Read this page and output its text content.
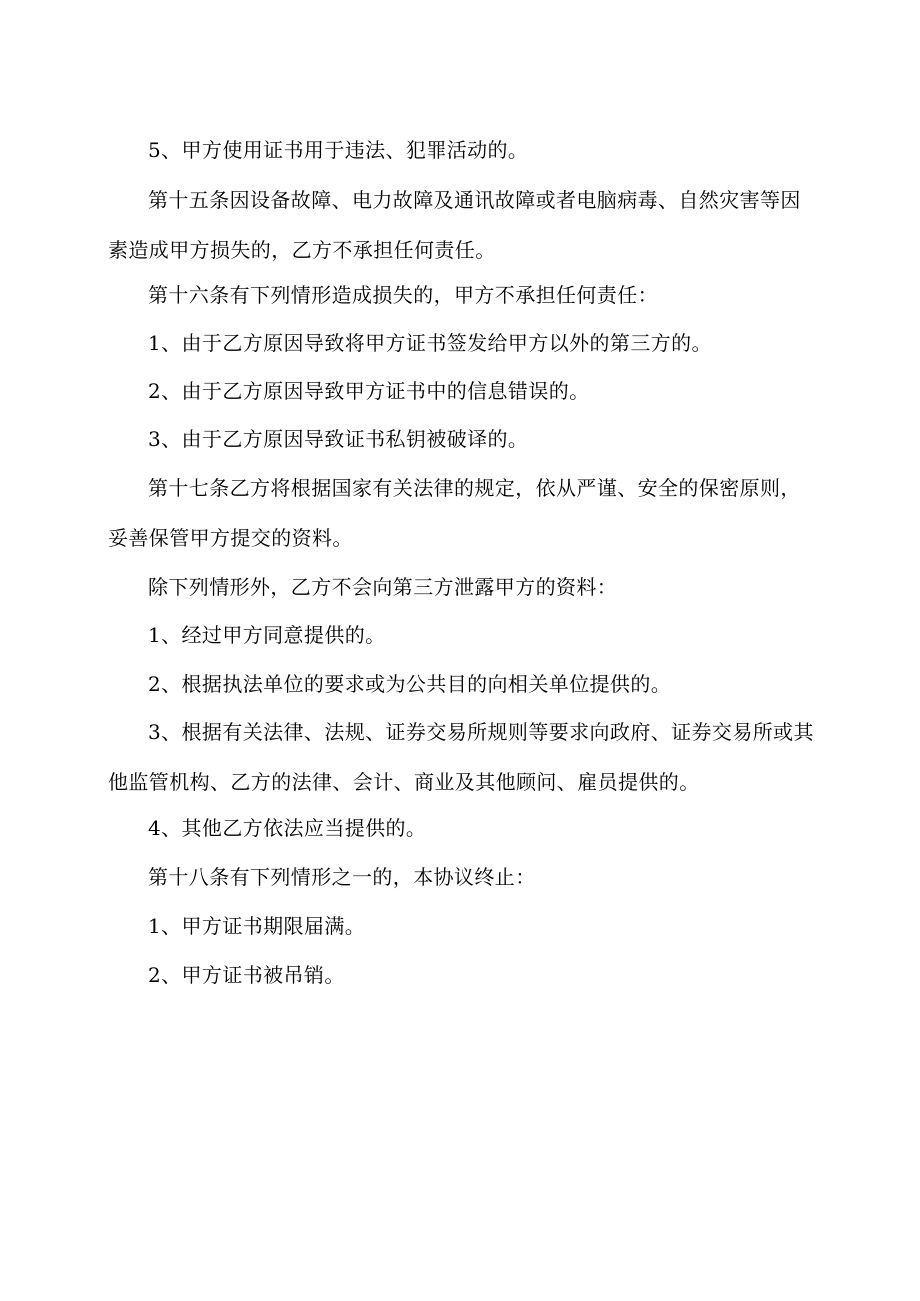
5、甲方使用证书用于违法、犯罪活动的。

第十五条因设备故障、电力故障及通讯故障或者电脑病毒、自然灾害等因素造成甲方损失的，乙方不承担任何责任。

第十六条有下列情形造成损失的，甲方不承担任何责任：

1、由于乙方原因导致将甲方证书签发给甲方以外的第三方的。

2、由于乙方原因导致甲方证书中的信息错误的。

3、由于乙方原因导致证书私钥被破译的。

第十七条乙方将根据国家有关法律的规定，依从严谨、安全的保密原则，妥善保管甲方提交的资料。

除下列情形外，乙方不会向第三方泄露甲方的资料：

1、经过甲方同意提供的。

2、根据执法单位的要求或为公共目的向相关单位提供的。

3、根据有关法律、法规、证券交易所规则等要求向政府、证券交易所或其他监管机构、乙方的法律、会计、商业及其他顾问、雇员提供的。

4、其他乙方依法应当提供的。

第十八条有下列情形之一的，本协议终止：

1、甲方证书期限届满。

2、甲方证书被吊销。
